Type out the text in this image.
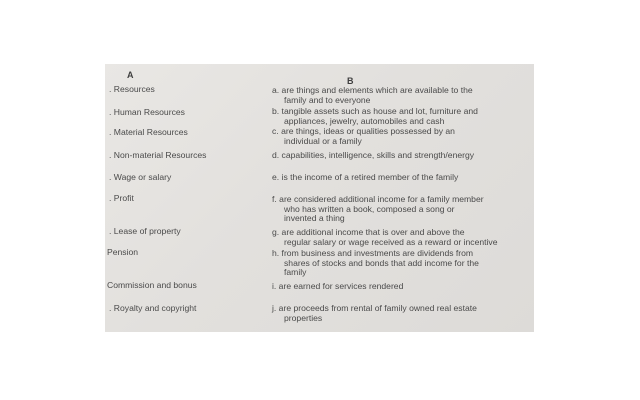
A
B
. Resources
. Human Resources
. Material Resources
. Non-material Resources
. Wage or salary
. Profit
. Lease of property
Pension
Commission and bonus
. Royalty and copyright
a. are things and elements which are available to the
family and to everyone
b. tangible assets such as house and lot, furniture and
appliances, jewelry, automobiles and cash
c. are things, ideas or qualities possessed by an
individual or a family
d. capabilities, intelligence, skills and strength/energy
e. is the income of a retired member of the family
f. are considered additional income for a family member
who has written a book, composed a song or
invented a thing
g. are additional income that is over and above the
regular salary or wage received as a reward or incentive
h. from business and investments are dividends from
shares of stocks and bonds that add income for the
family
i. are earned for services rendered
j. are proceeds from rental of family owned real estate
properties
